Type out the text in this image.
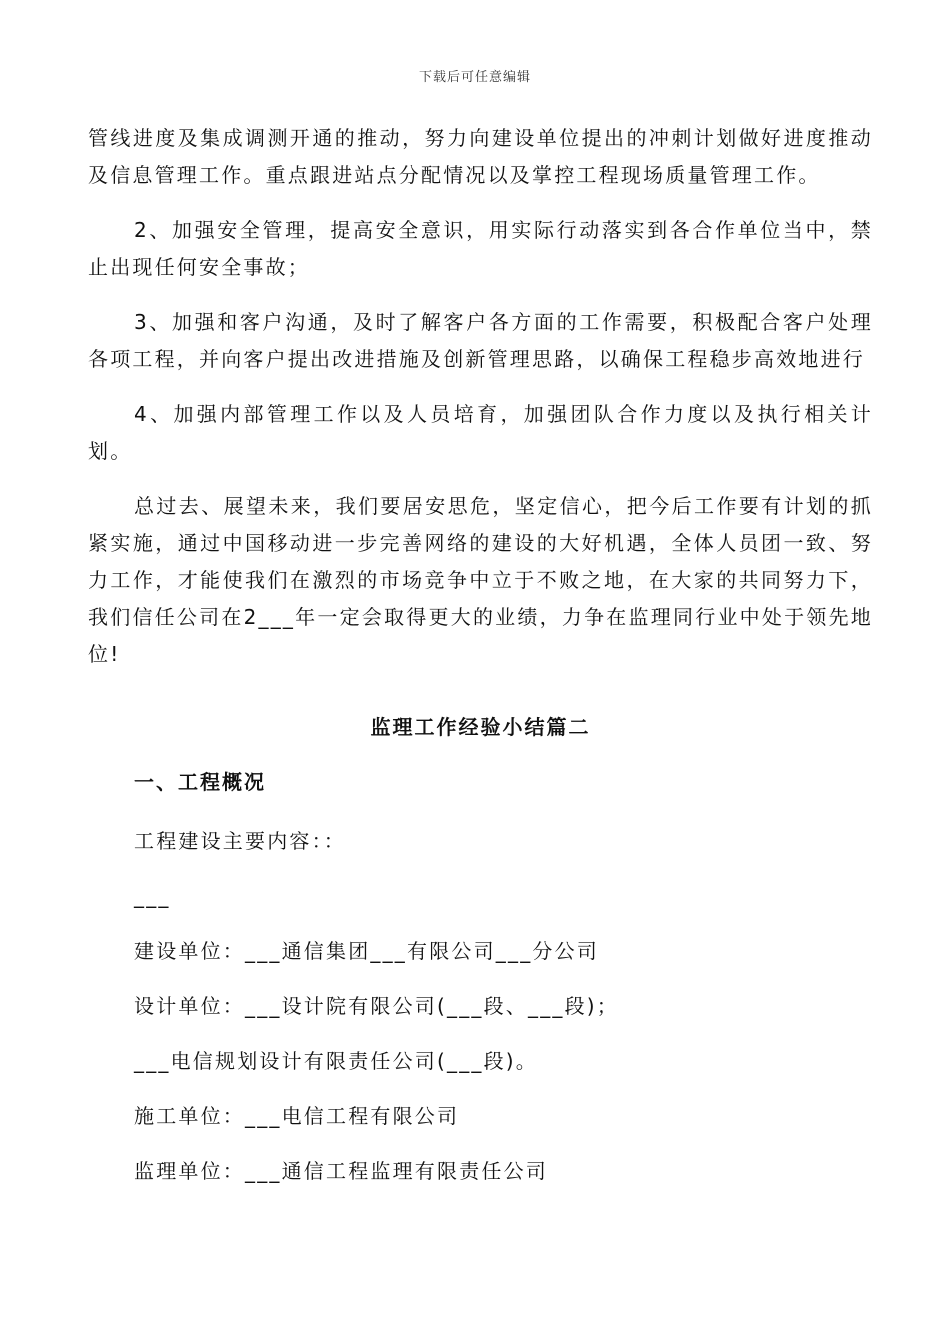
下载后可任意编辑

管线进度及集成调测开通的推动，努力向建设单位提出的冲刺计划做好进度推动及信息管理工作。重点跟进站点分配情况以及掌控工程现场质量管理工作。

2、加强安全管理，提高安全意识，用实际行动落实到各合作单位当中，禁止出现任何安全事故；

3、加强和客户沟通，及时了解客户各方面的工作需要，积极配合客户处理各项工程，并向客户提出改进措施及创新管理思路，以确保工程稳步高效地进行

4、加强内部管理工作以及人员培育，加强团队合作力度以及执行相关计划。

总过去、展望未来，我们要居安思危，坚定信心，把今后工作要有计划的抓紧实施，通过中国移动进一步完善网络的建设的大好机遇，全体人员团一致、努力工作，才能使我们在激烈的市场竞争中立于不败之地，在大家的共同努力下，我们信任公司在2___年一定会取得更大的业绩，力争在监理同行业中处于领先地位!

监理工作经验小结篇二
一、工程概况
工程建设主要内容：：
___
建设单位：___通信集团___有限公司___分公司
设计单位：___设计院有限公司(___段、___段)；
___电信规划设计有限责任公司(___段)。
施工单位：___电信工程有限公司
监理单位：___通信工程监理有限责任公司
